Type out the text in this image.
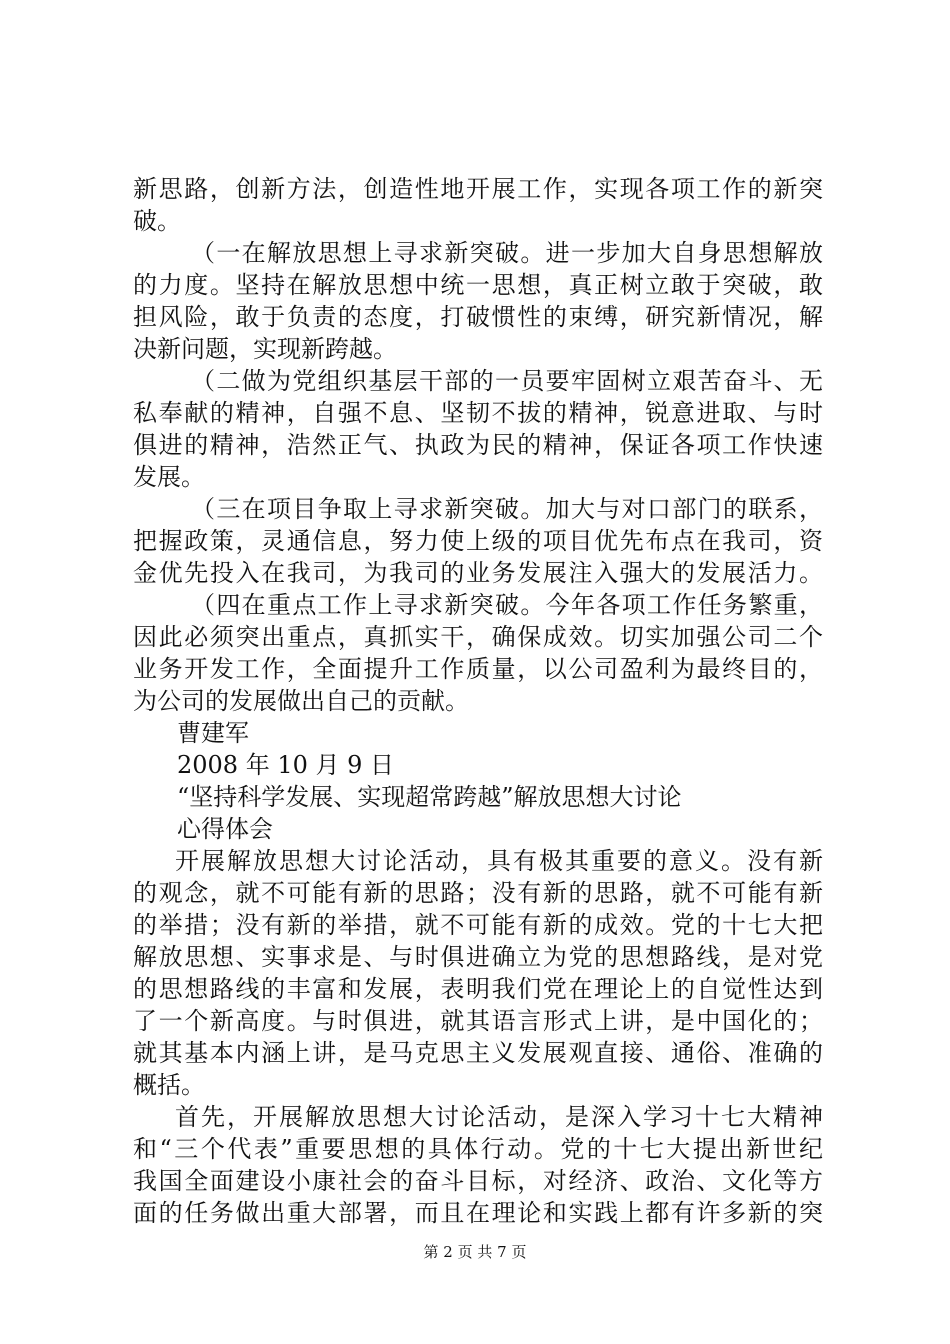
新思路，创新方法，创造性地开展工作，实现各项工作的新突
破。
（一在解放思想上寻求新突破。进一步加大自身思想解放
的力度。坚持在解放思想中统一思想，真正树立敢于突破，敢
担风险，敢于负责的态度，打破惯性的束缚，研究新情况，解
决新问题，实现新跨越。
（二做为党组织基层干部的一员要牢固树立艰苦奋斗、无
私奉献的精神，自强不息、坚韧不拔的精神，锐意进取、与时
俱进的精神，浩然正气、执政为民的精神，保证各项工作快速
发展。
（三在项目争取上寻求新突破。加大与对口部门的联系，
把握政策，灵通信息，努力使上级的项目优先布点在我司，资
金优先投入在我司，为我司的业务发展注入强大的发展活力。
（四在重点工作上寻求新突破。今年各项工作任务繁重，
因此必须突出重点，真抓实干，确保成效。切实加强公司二个
业务开发工作，全面提升工作质量，以公司盈利为最终目的，
为公司的发展做出自己的贡献。
曹建军
2008 年 10 月 9 日
“坚持科学发展、实现超常跨越”解放思想大讨论
心得体会
开展解放思想大讨论活动，具有极其重要的意义。没有新
的观念，就不可能有新的思路；没有新的思路，就不可能有新
的举措；没有新的举措，就不可能有新的成效。党的十七大把
解放思想、实事求是、与时俱进确立为党的思想路线，是对党
的思想路线的丰富和发展，表明我们党在理论上的自觉性达到
了一个新高度。与时俱进，就其语言形式上讲，是中国化的；
就其基本内涵上讲，是马克思主义发展观直接、通俗、准确的
概括。
首先，开展解放思想大讨论活动，是深入学习十七大精神
和“三个代表”重要思想的具体行动。党的十七大提出新世纪
我国全面建设小康社会的奋斗目标，对经济、政治、文化等方
面的任务做出重大部署，而且在理论和实践上都有许多新的突
第 2 页 共 7 页
